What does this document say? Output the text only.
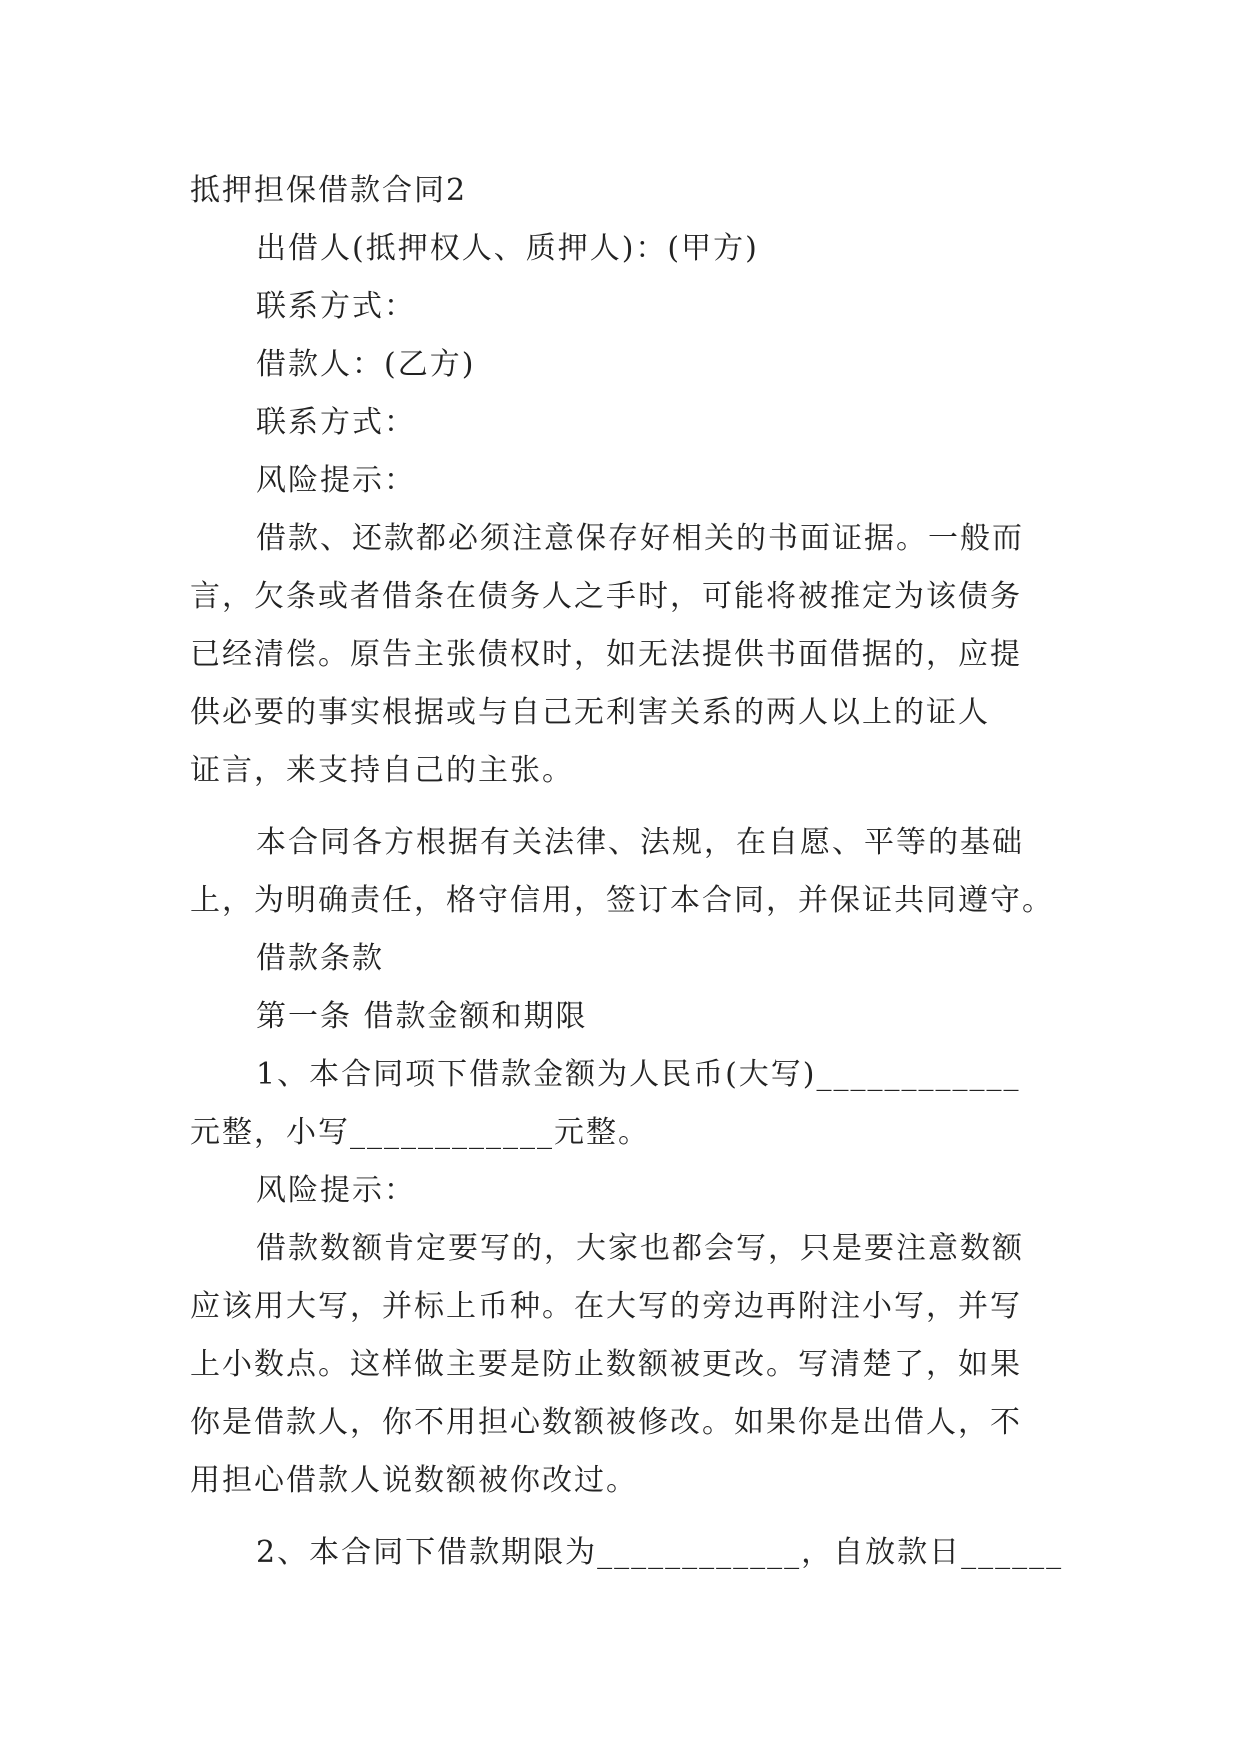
抵押担保借款合同2
出借人(抵押权人、质押人)：(甲方)
联系方式：
借款人：(乙方)
联系方式：
风险提示：
借款、还款都必须注意保存好相关的书面证据。一般而
言，欠条或者借条在债务人之手时，可能将被推定为该债务
已经清偿。原告主张债权时，如无法提供书面借据的，应提
供必要的事实根据或与自己无利害关系的两人以上的证人
证言，来支持自己的主张。
本合同各方根据有关法律、法规，在自愿、平等的基础
上，为明确责任，格守信用，签订本合同，并保证共同遵守。
借款条款
第一条 借款金额和期限
1、本合同项下借款金额为人民币(大写)____________
元整，小写____________元整。
风险提示：
借款数额肯定要写的，大家也都会写，只是要注意数额
应该用大写，并标上币种。在大写的旁边再附注小写，并写
上小数点。这样做主要是防止数额被更改。写清楚了，如果
你是借款人，你不用担心数额被修改。如果你是出借人，不
用担心借款人说数额被你改过。
2、本合同下借款期限为____________，自放款日______
